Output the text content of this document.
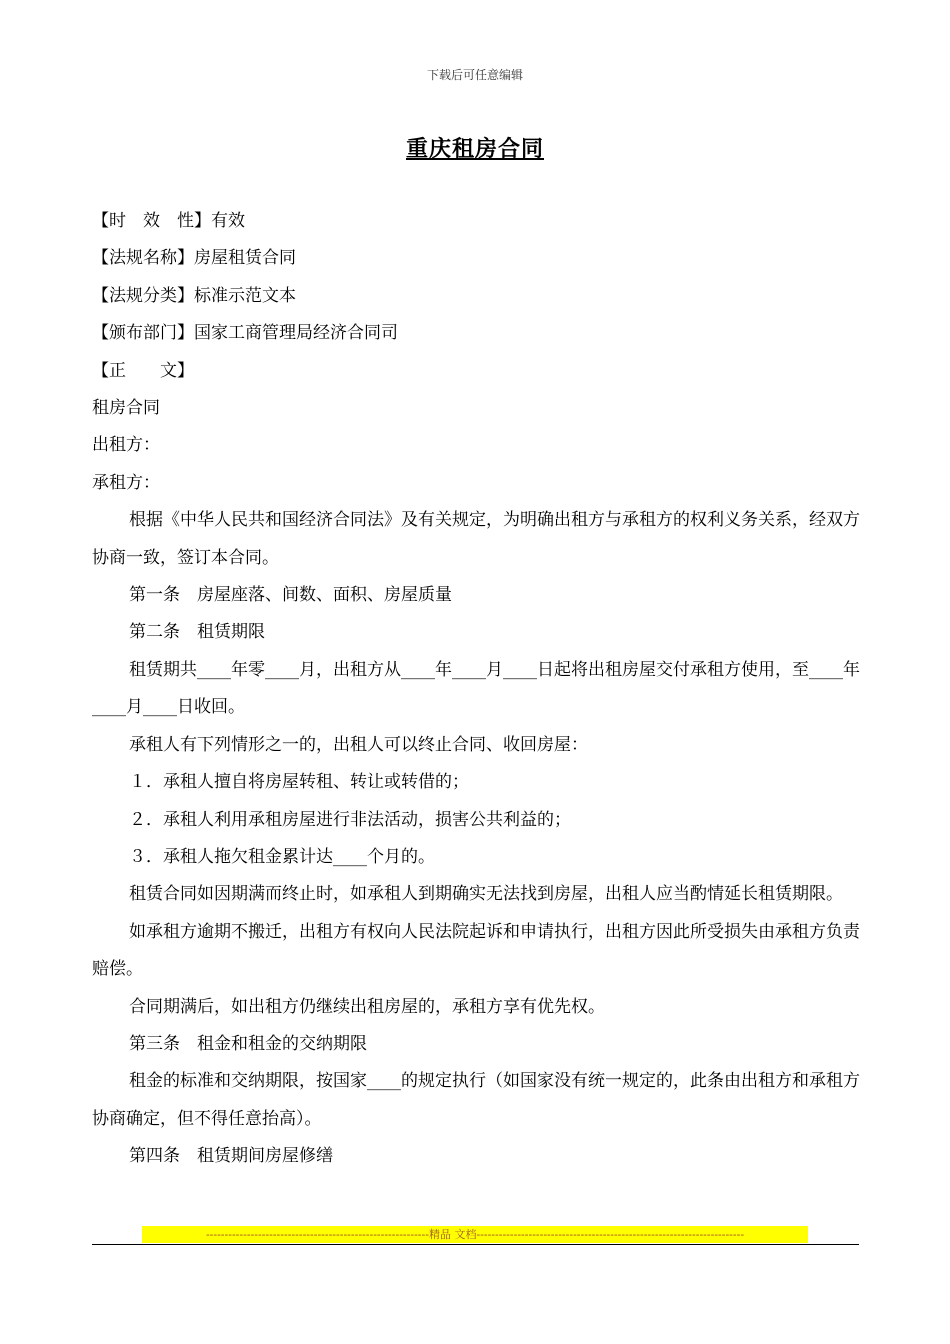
下载后可任意编辑
重庆租房合同
【时　效　性】有效
【法规名称】房屋租赁合同
【法规分类】标准示范文本
【颁布部门】国家工商管理局经济合同司
【正　　文】
租房合同
出租方：
承租方：
根据《中华人民共和国经济合同法》及有关规定，为明确出租方与承租方的权利义务关系，经双方协商一致，签订本合同。
第一条　房屋座落、间数、面积、房屋质量
第二条　租赁期限
租赁期共____年零____月，出租方从____年____月____日起将出租房屋交付承租方使用，至____年____月____日收回。
承租人有下列情形之一的，出租人可以终止合同、收回房屋：
１．承租人擅自将房屋转租、转让或转借的；
２．承租人利用承租房屋进行非法活动，损害公共利益的；
３．承租人拖欠租金累计达____个月的。
租赁合同如因期满而终止时，如承租人到期确实无法找到房屋，出租人应当酌情延长租赁期限。
如承租方逾期不搬迁，出租方有权向人民法院起诉和申请执行，出租方因此所受损失由承租方负责赔偿。
合同期满后，如出租方仍继续出租房屋的，承租方享有优先权。
第三条　租金和租金的交纳期限
租金的标准和交纳期限，按国家____的规定执行（如国家没有统一规定的，此条由出租方和承租方协商确定，但不得任意抬高）。
第四条　租赁期间房屋修缮
------------------------------------------------------------精品 文档------------------------------------------------------------------------
